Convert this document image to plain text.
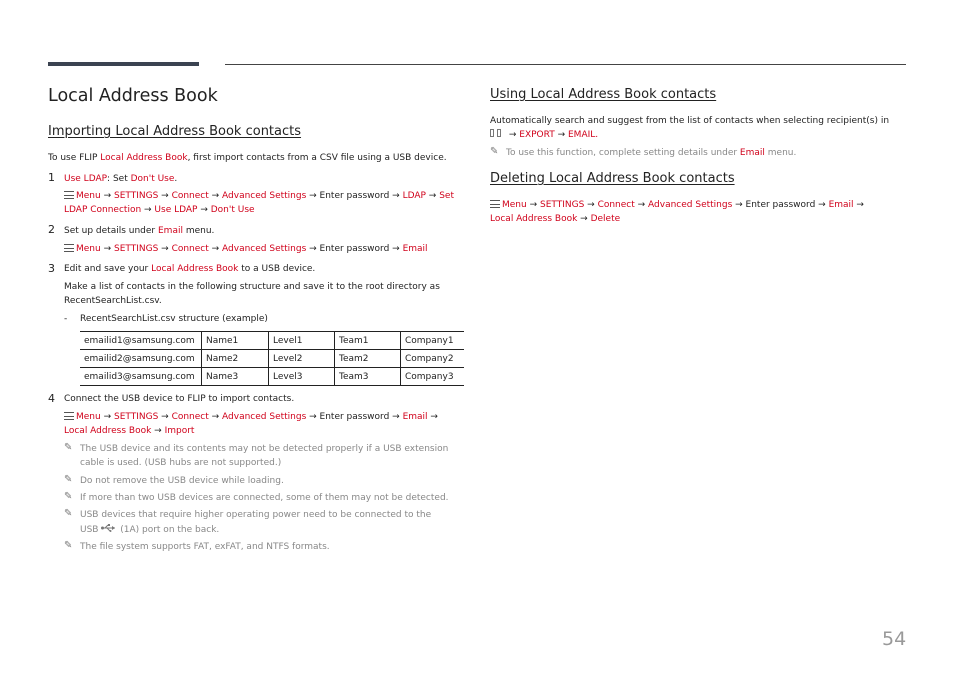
Local Address Book
Importing Local Address Book contacts

To use FLIP Local Address Book, first import contacts from a CSV file using a USB device.

1 Use LDAP: Set Don't Use.

Menu → SETTINGS → Connect → Advanced Settings → Enter password → LDAP → Set

LDAP Connection → Use LDAP → Don't Use

2 Set up details under Email menu.

Menu → SETTINGS → Connect → Advanced Settings → Enter password → Email

3 Edit and save your Local Address Book to a USB device.

Make a list of contacts in the following structure and save it to the root directory as

RecentSearchList.csv.

- RecentSearchList.csv structure (example)

emailid1@samsung.com	Name1	Level1	Team1	Company1
emailid2@samsung.com	Name2	Level2	Team2	Company2
emailid3@samsung.com	Name3	Level3	Team3	Company3
4 Connect the USB device to FLIP to import contacts.

Menu → SETTINGS → Connect → Advanced Settings → Enter password → Email →

Local Address Book → Import

✎ The USB device and its contents may not be detected properly if a USB extension

cable is used. (USB hubs are not supported.)

✎ Do not remove the USB device while loading.

✎ If more than two USB devices are connected, some of them may not be detected.

✎ USB devices that require higher operating power need to be connected to the

USB (1A) port on the back.

✎ The file system supports FAT, exFAT, and NTFS formats.

Using Local Address Book contacts

Automatically search and suggest from the list of contacts when selecting recipient(s) in

→ EXPORT → EMAIL.

✎ To use this function, complete setting details under Email menu.

Deleting Local Address Book contacts

Menu → SETTINGS → Connect → Advanced Settings → Enter password → Email →

Local Address Book → Delete

54
